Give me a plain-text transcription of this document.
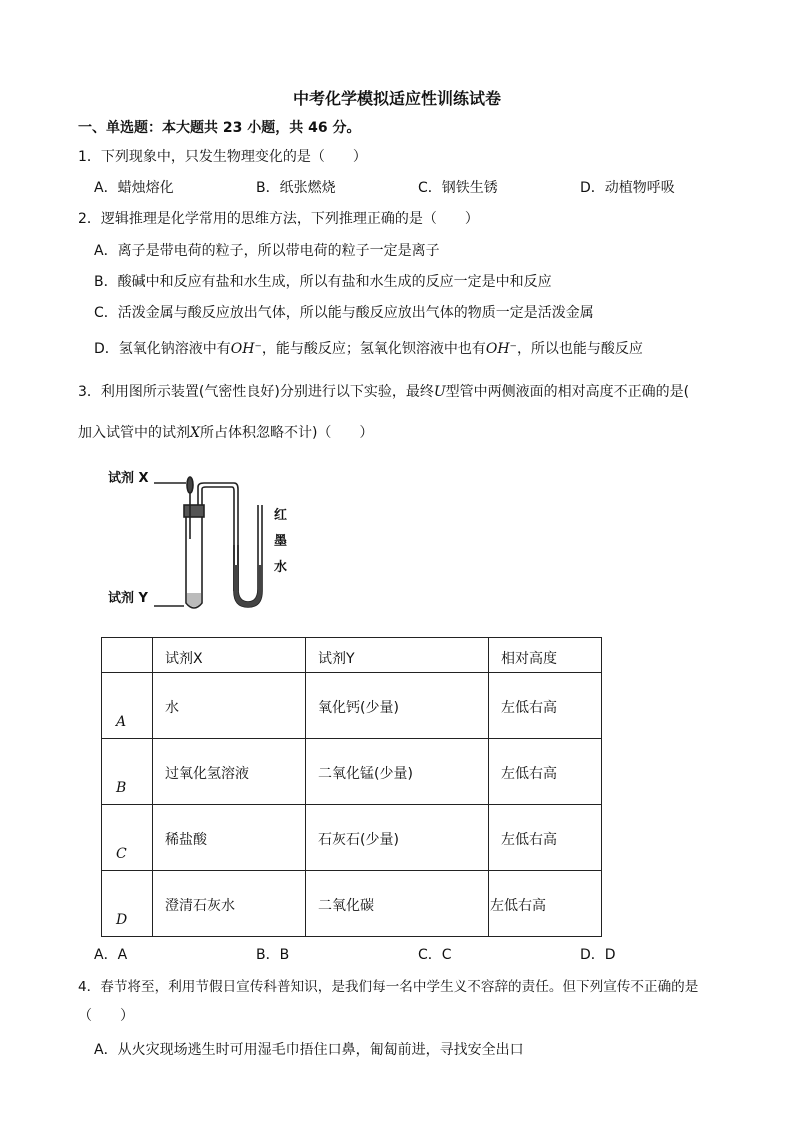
中考化学模拟适应性训练试卷
一、单选题：本大题共 23 小题，共 46 分。
1．下列现象中，只发生物理变化的是（　　）
A．蜡烛熔化	B．纸张燃烧	C．钢铁生锈	D．动植物呼吸
2．逻辑推理是化学常用的思维方法，下列推理正确的是（　　）
A．离子是带电荷的粒子，所以带电荷的粒子一定是离子
B．酸碱中和反应有盐和水生成，所以有盐和水生成的反应一定是中和反应
C．活泼金属与酸反应放出气体，所以能与酸反应放出气体的物质一定是活泼金属
D．氢氧化钠溶液中有OH⁻，能与酸反应；氢氧化钡溶液中也有OH⁻，所以也能与酸反应
3．利用图所示装置(气密性良好)分别进行以下实验，最终U型管中两侧液面的相对高度不正确的是(
加入试管中的试剂X所占体积忽略不计)（　　）
试剂 X
试剂 Y
红
墨
水

	试剂X	试剂Y	相对高度

A	水	氧化钙(少量)	左低右高

B	过氧化氢溶液	二氧化锰(少量)	左低右高

C	稀盐酸	石灰石(少量)	左低右高

D	澄清石灰水	二氧化碳	左低右高
A．A	B．B	C．C	D．D
4．春节将至，利用节假日宣传科普知识，是我们每一名中学生义不容辞的责任。但下列宣传不正确的是
（　　）
A．从火灾现场逃生时可用湿毛巾捂住口鼻，匍匐前进，寻找安全出口
